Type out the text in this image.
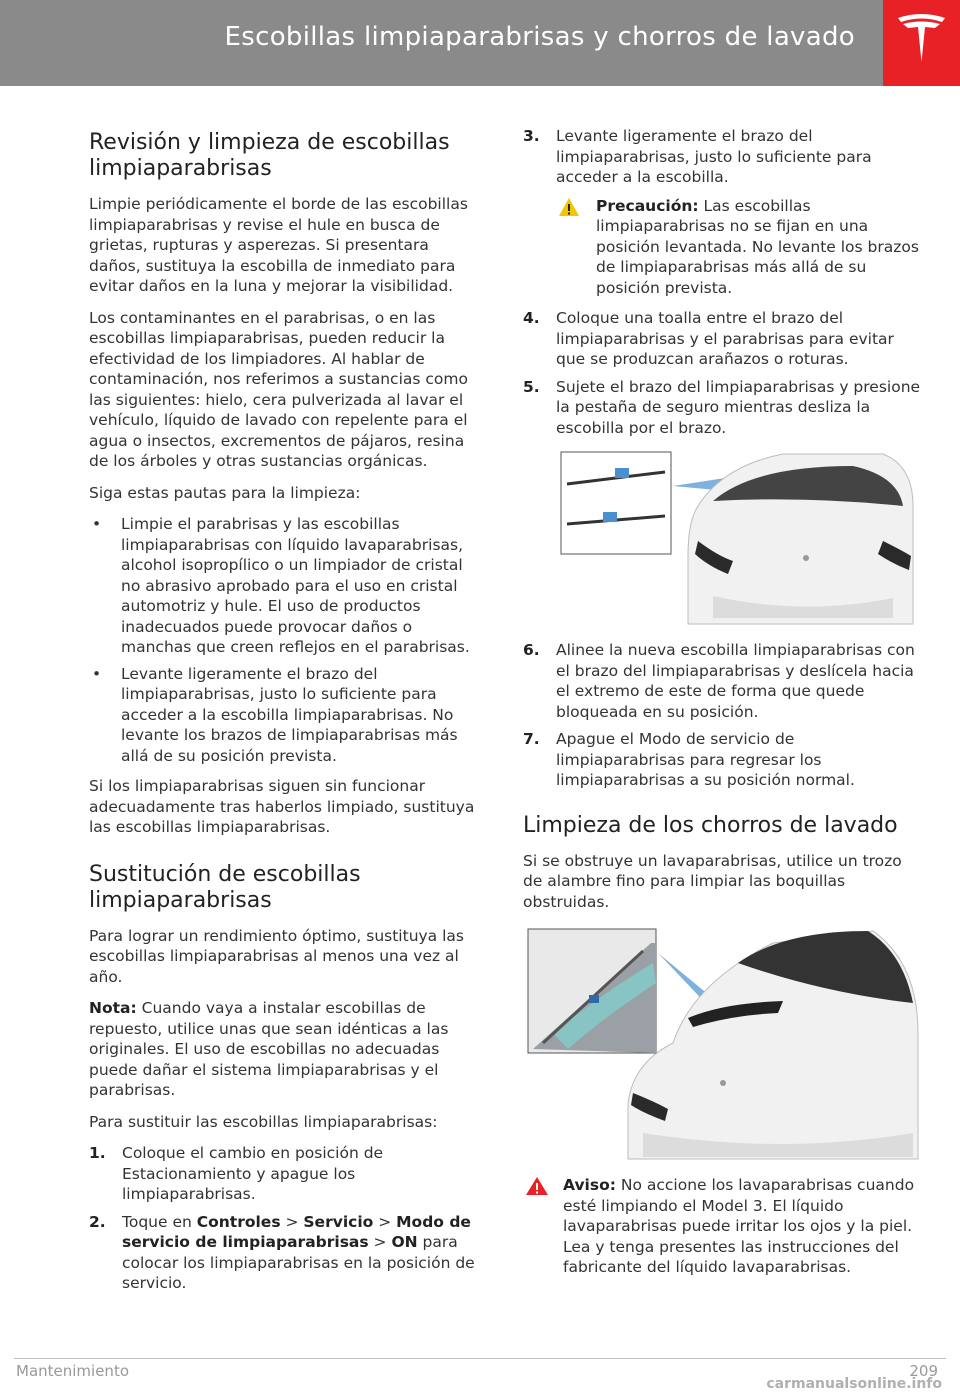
Escobillas limpiaparabrisas y chorros de lavado
Revisión y limpieza de escobillas limpiaparabrisas

Limpie periódicamente el borde de las escobillas limpiaparabrisas y revise el hule en busca de grietas, rupturas y asperezas. Si presentara daños, sustituya la escobilla de inmediato para evitar daños en la luna y mejorar la visibilidad.

Los contaminantes en el parabrisas, o en las escobillas limpiaparabrisas, pueden reducir la efectividad de los limpiadores. Al hablar de contaminación, nos referimos a sustancias como las siguientes: hielo, cera pulverizada al lavar el vehículo, líquido de lavado con repelente para el agua o insectos, excrementos de pájaros, resina de los árboles y otras sustancias orgánicas.

Siga estas pautas para la limpieza:

• Limpie el parabrisas y las escobillas limpiaparabrisas con líquido lavaparabrisas, alcohol isopropílico o un limpiador de cristal no abrasivo aprobado para el uso en cristal automotriz y hule. El uso de productos inadecuados puede provocar daños o manchas que creen reflejos en el parabrisas.
• Levante ligeramente el brazo del limpiaparabrisas, justo lo suficiente para acceder a la escobilla limpiaparabrisas. No levante los brazos de limpiaparabrisas más allá de su posición prevista.

Si los limpiaparabrisas siguen sin funcionar adecuadamente tras haberlos limpiado, sustituya las escobillas limpiaparabrisas.

Sustitución de escobillas limpiaparabrisas

Para lograr un rendimiento óptimo, sustituya las escobillas limpiaparabrisas al menos una vez al año.

Nota: Cuando vaya a instalar escobillas de repuesto, utilice unas que sean idénticas a las originales. El uso de escobillas no adecuadas puede dañar el sistema limpiaparabrisas y el parabrisas.

Para sustituir las escobillas limpiaparabrisas:

1. Coloque el cambio en posición de Estacionamiento y apague los limpiaparabrisas.
2. Toque en Controles > Servicio > Modo de servicio de limpiaparabrisas > ON para colocar los limpiaparabrisas en la posición de servicio.
3. Levante ligeramente el brazo del limpiaparabrisas, justo lo suficiente para acceder a la escobilla.
Precaución: Las escobillas limpiaparabrisas no se fijan en una posición levantada. No levante los brazos de limpiaparabrisas más allá de su posición prevista.
4. Coloque una toalla entre el brazo del limpiaparabrisas y el parabrisas para evitar que se produzcan arañazos o roturas.
5. Sujete el brazo del limpiaparabrisas y presione la pestaña de seguro mientras desliza la escobilla por el brazo.
6. Alinee la nueva escobilla limpiaparabrisas con el brazo del limpiaparabrisas y deslícela hacia el extremo de este de forma que quede bloqueada en su posición.
7. Apague el Modo de servicio de limpiaparabrisas para regresar los limpiaparabrisas a su posición normal.
Limpieza de los chorros de lavado

Si se obstruye un lavaparabrisas, utilice un trozo de alambre fino para limpiar las boquillas obstruidas.

Aviso: No accione los lavaparabrisas cuando esté limpiando el Model 3. El líquido lavaparabrisas puede irritar los ojos y la piel. Lea y tenga presentes las instrucciones del fabricante del líquido lavaparabrisas.
Mantenimiento	209
carmanualsonline.info
